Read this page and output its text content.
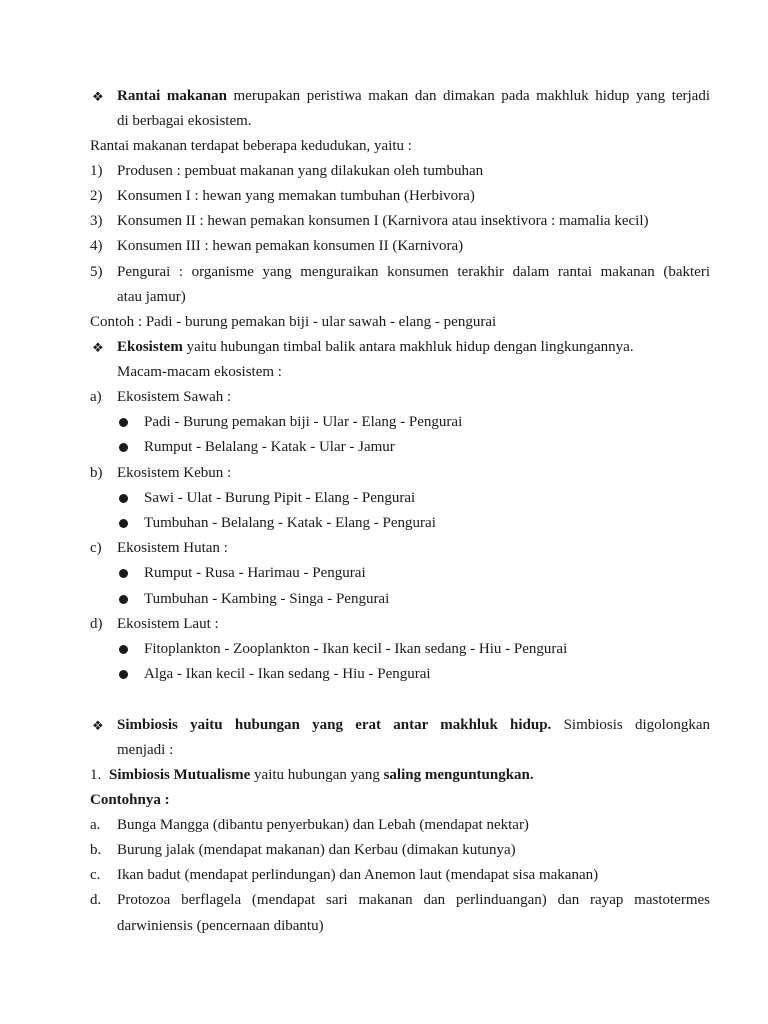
❖ Rantai makanan merupakan peristiwa makan dan dimakan pada makhluk hidup yang terjadi
di berbagai ekosistem.
Rantai makanan terdapat beberapa kedudukan, yaitu :
1) Produsen : pembuat makanan yang dilakukan oleh tumbuhan
2) Konsumen I : hewan yang memakan tumbuhan (Herbivora)
3) Konsumen II : hewan pemakan konsumen I (Karnivora atau insektivora : mamalia kecil)
4) Konsumen III : hewan pemakan konsumen II (Karnivora)
5) Pengurai : organisme yang menguraikan konsumen terakhir dalam rantai makanan (bakteri
atau jamur)
Contoh : Padi - burung pemakan biji - ular sawah - elang - pengurai
❖ Ekosistem yaitu hubungan timbal balik antara makhluk hidup dengan lingkungannya.
Macam-macam ekosistem :
a) Ekosistem Sawah :
Padi - Burung pemakan biji - Ular - Elang - Pengurai
Rumput - Belalang - Katak - Ular - Jamur
b) Ekosistem Kebun :
Sawi - Ulat - Burung Pipit - Elang - Pengurai
Tumbuhan - Belalang - Katak - Elang - Pengurai
c) Ekosistem Hutan :
Rumput - Rusa - Harimau - Pengurai
Tumbuhan - Kambing - Singa - Pengurai
d) Ekosistem Laut :
Fitoplankton - Zooplankton - Ikan kecil - Ikan sedang - Hiu - Pengurai
Alga - Ikan kecil - Ikan sedang - Hiu - Pengurai
❖ Simbiosis yaitu hubungan yang erat antar makhluk hidup. Simbiosis digolongkan
menjadi :
1. Simbiosis Mutualisme yaitu hubungan yang saling menguntungkan.
Contohnya :
a. Bunga Mangga (dibantu penyerbukan) dan Lebah (mendapat nektar)
b. Burung jalak (mendapat makanan) dan Kerbau (dimakan kutunya)
c. Ikan badut (mendapat perlindungan) dan Anemon laut (mendapat sisa makanan)
d. Protozoa berflagela (mendapat sari makanan dan perlinduangan) dan rayap mastotermes
darwiniensis (pencernaan dibantu)
